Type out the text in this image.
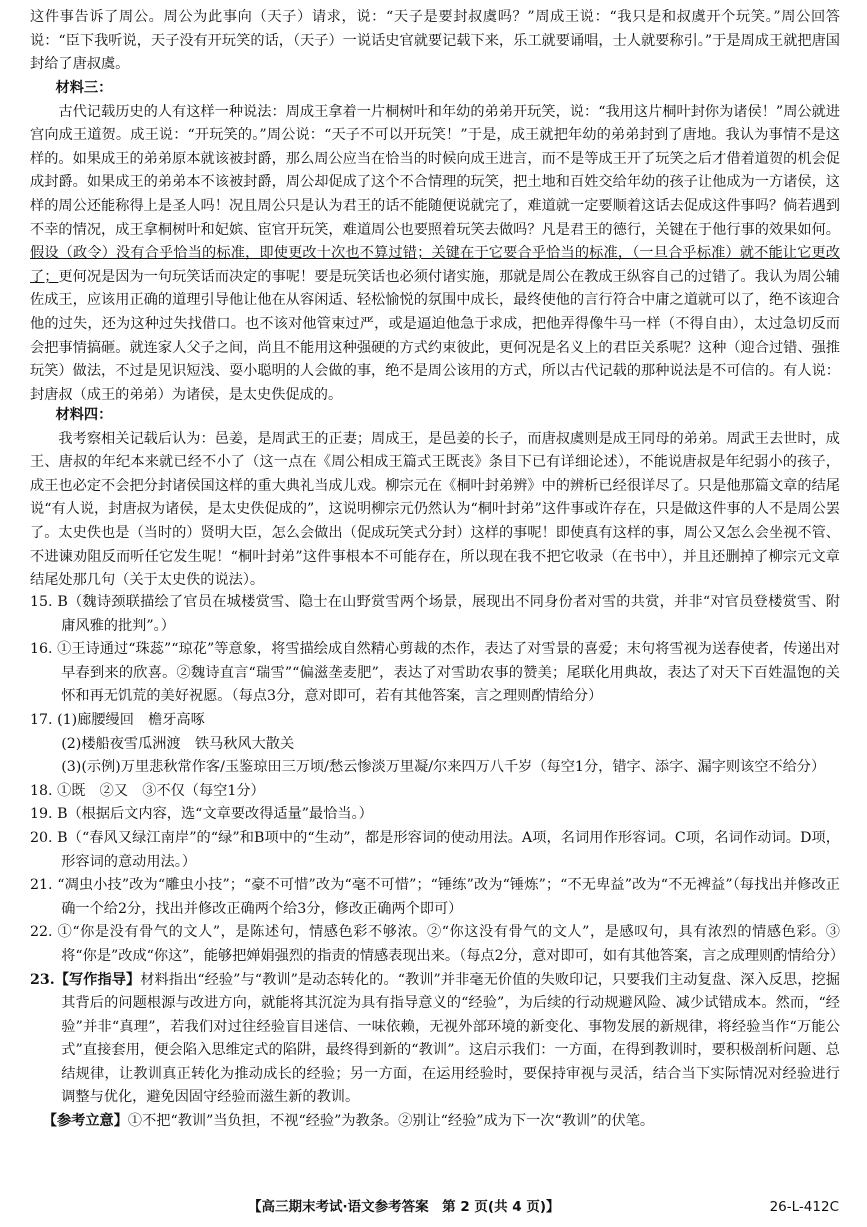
这件事告诉了周公。周公为此事向（天子）请求，说：“天子是要封叔虞吗？”周成王说：“我只是和叔虞开个玩笑。”周公回答说：“臣下我听说，天子没有开玩笑的话，（天子）一说话史官就要记载下来，乐工就要诵唱，士人就要称引。”于是周成王就把唐国封给了唐叔虞。

材料三：

古代记载历史的人有这样一种说法：周成王拿着一片桐树叶和年幼的弟弟开玩笑，说：“我用这片桐叶封你为诸侯！”周公就进宫向成王道贺。成王说：“开玩笑的。”周公说：“天子不可以开玩笑！”于是，成王就把年幼的弟弟封到了唐地。我认为事情不是这样的。如果成王的弟弟原本就该被封爵，那么周公应当在恰当的时候向成王进言，而不是等成王开了玩笑之后才借着道贺的机会促成封爵。如果成王的弟弟本不该被封爵，周公却促成了这个不合情理的玩笑，把土地和百姓交给年幼的孩子让他成为一方诸侯，这样的周公还能称得上是圣人吗！况且周公只是认为君王的话不能随便说就完了，难道就一定要顺着这话去促成这件事吗？倘若遇到不幸的情况，成王拿桐树叶和妃嫔、宦官开玩笑，难道周公也要照着玩笑去做吗？凡是君王的德行，关键在于他行事的效果如何。假设（政令）没有合乎恰当的标准，即使更改十次也不算过错；关键在于它要合乎恰当的标准，（一旦合乎标准）就不能让它更改了；更何况是因为一句玩笑话而决定的事呢！要是玩笑话也必须付诸实施，那就是周公在教成王纵容自己的过错了。我认为周公辅佐成王，应该用正确的道理引导他让他在从容闲适、轻松愉悦的氛围中成长，最终使他的言行符合中庸之道就可以了，绝不该迎合他的过失，还为这种过失找借口。也不该对他管束过严，或是逼迫他急于求成，把他弄得像牛马一样（不得自由），太过急切反而会把事情搞砸。就连家人父子之间，尚且不能用这种强硬的方式约束彼此，更何况是名义上的君臣关系呢？这种（迎合过错、强推玩笑）做法，不过是见识短浅、耍小聪明的人会做的事，绝不是周公该用的方式，所以古代记载的那种说法是不可信的。有人说：封唐叔（成王的弟弟）为诸侯，是太史佚促成的。

材料四：

我考察相关记载后认为：邑姜，是周武王的正妻；周成王，是邑姜的长子，而唐叔虞则是成王同母的弟弟。周武王去世时，成王、唐叔的年纪本来就已经不小了（这一点在《周公相成王篇式王既丧》条目下已有详细论述），不能说唐叔是年纪弱小的孩子，成王也必定不会把分封诸侯国这样的重大典礼当成儿戏。柳宗元在《桐叶封弟辨》中的辨析已经很详尽了。只是他那篇文章的结尾说“有人说，封唐叔为诸侯，是太史佚促成的”，这说明柳宗元仍然认为“桐叶封弟”这件事或许存在，只是做这件事的人不是周公罢了。太史佚也是（当时的）贤明大臣，怎么会做出（促成玩笑式分封）这样的事呢！即使真有这样的事，周公又怎么会坐视不管、不进谏劝阻反而听任它发生呢！“桐叶封弟”这件事根本不可能存在，所以现在我不把它收录（在书中），并且还删掉了柳宗元文章结尾处那几句（关于太史佚的说法）。

15. B（魏诗颈联描绘了官员在城楼赏雪、隐士在山野赏雪两个场景，展现出不同身份者对雪的共赏，并非“对官员登楼赏雪、附庸风雅的批判”。）

16. ①王诗通过“珠蕊”“琼花”等意象，将雪描绘成自然精心剪裁的杰作，表达了对雪景的喜爱；末句将雪视为送春使者，传递出对早春到来的欣喜。②魏诗直言“瑞雪”“偏滋垄麦肥”，表达了对雪助农事的赞美；尾联化用典故，表达了对天下百姓温饱的关怀和再无饥荒的美好祝愿。（每点3分，意对即可，若有其他答案，言之理则酌情给分）

17. (1)廊腰缦回　檐牙高啄
(2)楼船夜雪瓜洲渡　铁马秋风大散关
(3)(示例)万里悲秋常作客/玉鉴琼田三万顷/愁云惨淡万里凝/尔来四万八千岁（每空1分，错字、添字、漏字则该空不给分）

18. ①既　②又　③不仅（每空1分）

19. B（根据后文内容，选“文章要改得适量”最恰当。）

20. B（“春风又绿江南岸”的“绿”和B项中的“生动”，都是形容词的使动用法。A项，名词用作形容词。C项，名词作动词。D项，形容词的意动用法。）

21. “凋虫小技”改为“雕虫小技”；“豪不可惜”改为“毫不可惜”；“锤练”改为“锤炼”；“不无卑益”改为“不无裨益”（每找出并修改正确一个给2分，找出并修改正确两个给3分，修改正确两个即可）

22. ①“你是没有骨气的文人”，是陈述句，情感色彩不够浓。②“你这没有骨气的文人”，是感叹句，具有浓烈的情感色彩。③将“你是”改成“你这”，能够把婵娟强烈的指责的情感表现出来。（每点2分，意对即可，如有其他答案，言之成理则酌情给分）

23.【写作指导】材料指出“经验”与“教训”是动态转化的。“教训”并非毫无价值的失败印记，只要我们主动复盘、深入反思，挖掘其背后的问题根源与改进方向，就能将其沉淀为具有指导意义的“经验”，为后续的行动规避风险、减少试错成本。然而，“经验”并非“真理”，若我们对过往经验盲目迷信、一味依赖，无视外部环境的新变化、事物发展的新规律，将经验当作“万能公式”直接套用，便会陷入思维定式的陷阱，最终得到新的“教训”。这启示我们：一方面，在得到教训时，要积极剖析问题、总结规律，让教训真正转化为推动成长的经验；另一方面，在运用经验时，要保持审视与灵活，结合当下实际情况对经验进行调整与优化，避免因固守经验而滋生新的教训。

【参考立意】①不把“教训”当负担，不视“经验”为教条。②别让“经验”成为下一次“教训”的伏笔。

【高三期末考试·语文参考答案　第 2 页(共 4 页)】	26-L-412C
